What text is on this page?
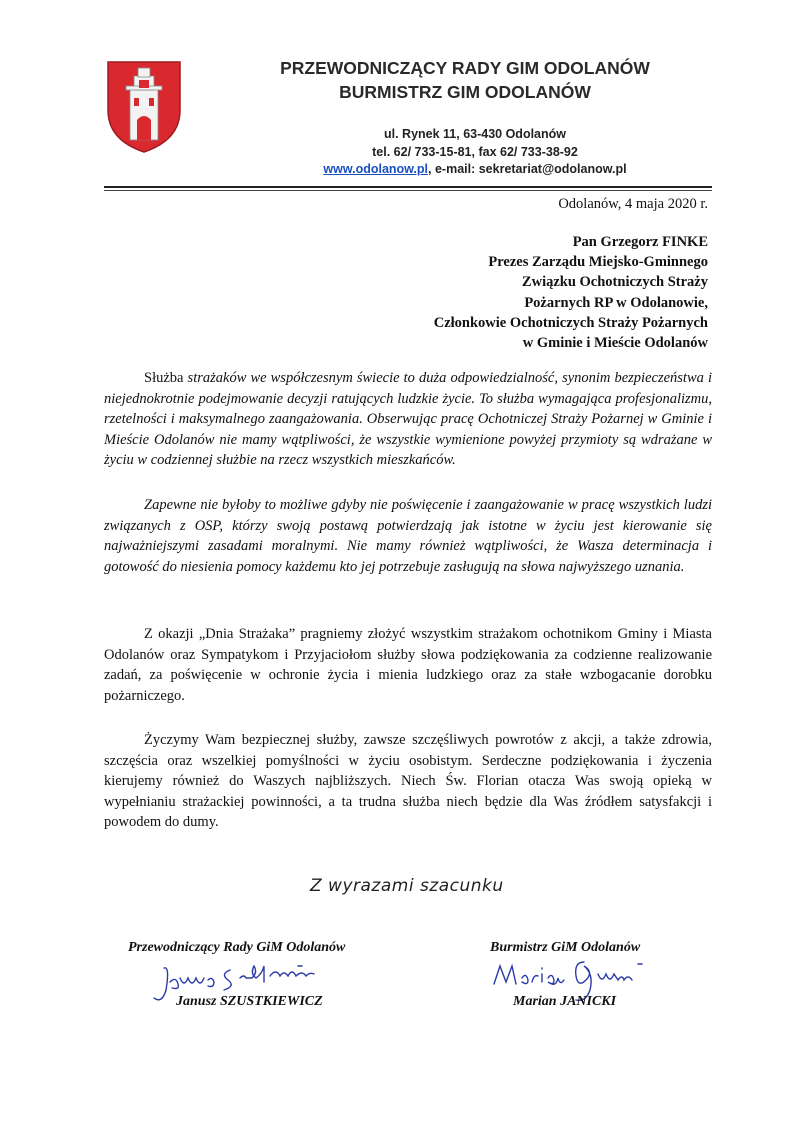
PRZEWODNICZĄCY RADY GIM ODOLANÓW
BURMISTRZ GIM ODOLANÓW
ul. Rynek 11, 63-430 Odolanów
tel. 62/ 733-15-81, fax 62/ 733-38-92
www.odolanow.pl, e-mail: sekretariat@odolanow.pl
Odolanów, 4 maja 2020 r.
Pan Grzegorz FINKE
Prezes Zarządu Miejsko-Gminnego
Związku Ochotniczych Straży
Pożarnych RP w Odolanowie,
Członkowie Ochotniczych Straży Pożarnych
w Gminie i Mieście Odolanów

Służba strażaków we współczesnym świecie to duża odpowiedzialność, synonim bezpieczeństwa i niejednokrotnie podejmowanie decyzji ratujących ludzkie życie. To służba wymagająca profesjonalizmu, rzetelności i maksymalnego zaangażowania. Obserwując pracę Ochotniczej Straży Pożarnej w Gminie i Mieście Odolanów nie mamy wątpliwości, że wszystkie wymienione powyżej przymioty są wdrażane w życiu w codziennej służbie na rzecz wszystkich mieszkańców.

Zapewne nie byłoby to możliwe gdyby nie poświęcenie i zaangażowanie w pracę wszystkich ludzi związanych z OSP, którzy swoją postawą potwierdzają jak istotne w życiu jest kierowanie się najważniejszymi zasadami moralnymi. Nie mamy również wątpliwości, że Wasza determinacja i gotowość do niesienia pomocy każdemu kto jej potrzebuje zasługują na słowa najwyższego uznania.

Z okazji „Dnia Strażaka” pragniemy złożyć wszystkim strażakom ochotnikom Gminy i Miasta Odolanów oraz Sympatykom i Przyjaciołom służby słowa podziękowania za codzienne realizowanie zadań, za poświęcenie w ochronie życia i mienia ludzkiego oraz za stałe wzbogacanie dorobku pożarniczego.

Życzymy Wam bezpiecznej służby, zawsze szczęśliwych powrotów z akcji, a także zdrowia, szczęścia oraz wszelkiej pomyślności w życiu osobistym. Serdeczne podziękowania i życzenia kierujemy również do Waszych najbliższych. Niech Św. Florian otacza Was swoją opieką w wypełnianiu strażackiej powinności, a ta trudna służba niech będzie dla Was źródłem satysfakcji i powodem do dumy.

Z wyrazami szacunku
Przewodniczący Rady GiM Odolanów	Burmistrz GiM Odolanów
Janusz SZUSTKIEWICZ	Marian JANICKI
